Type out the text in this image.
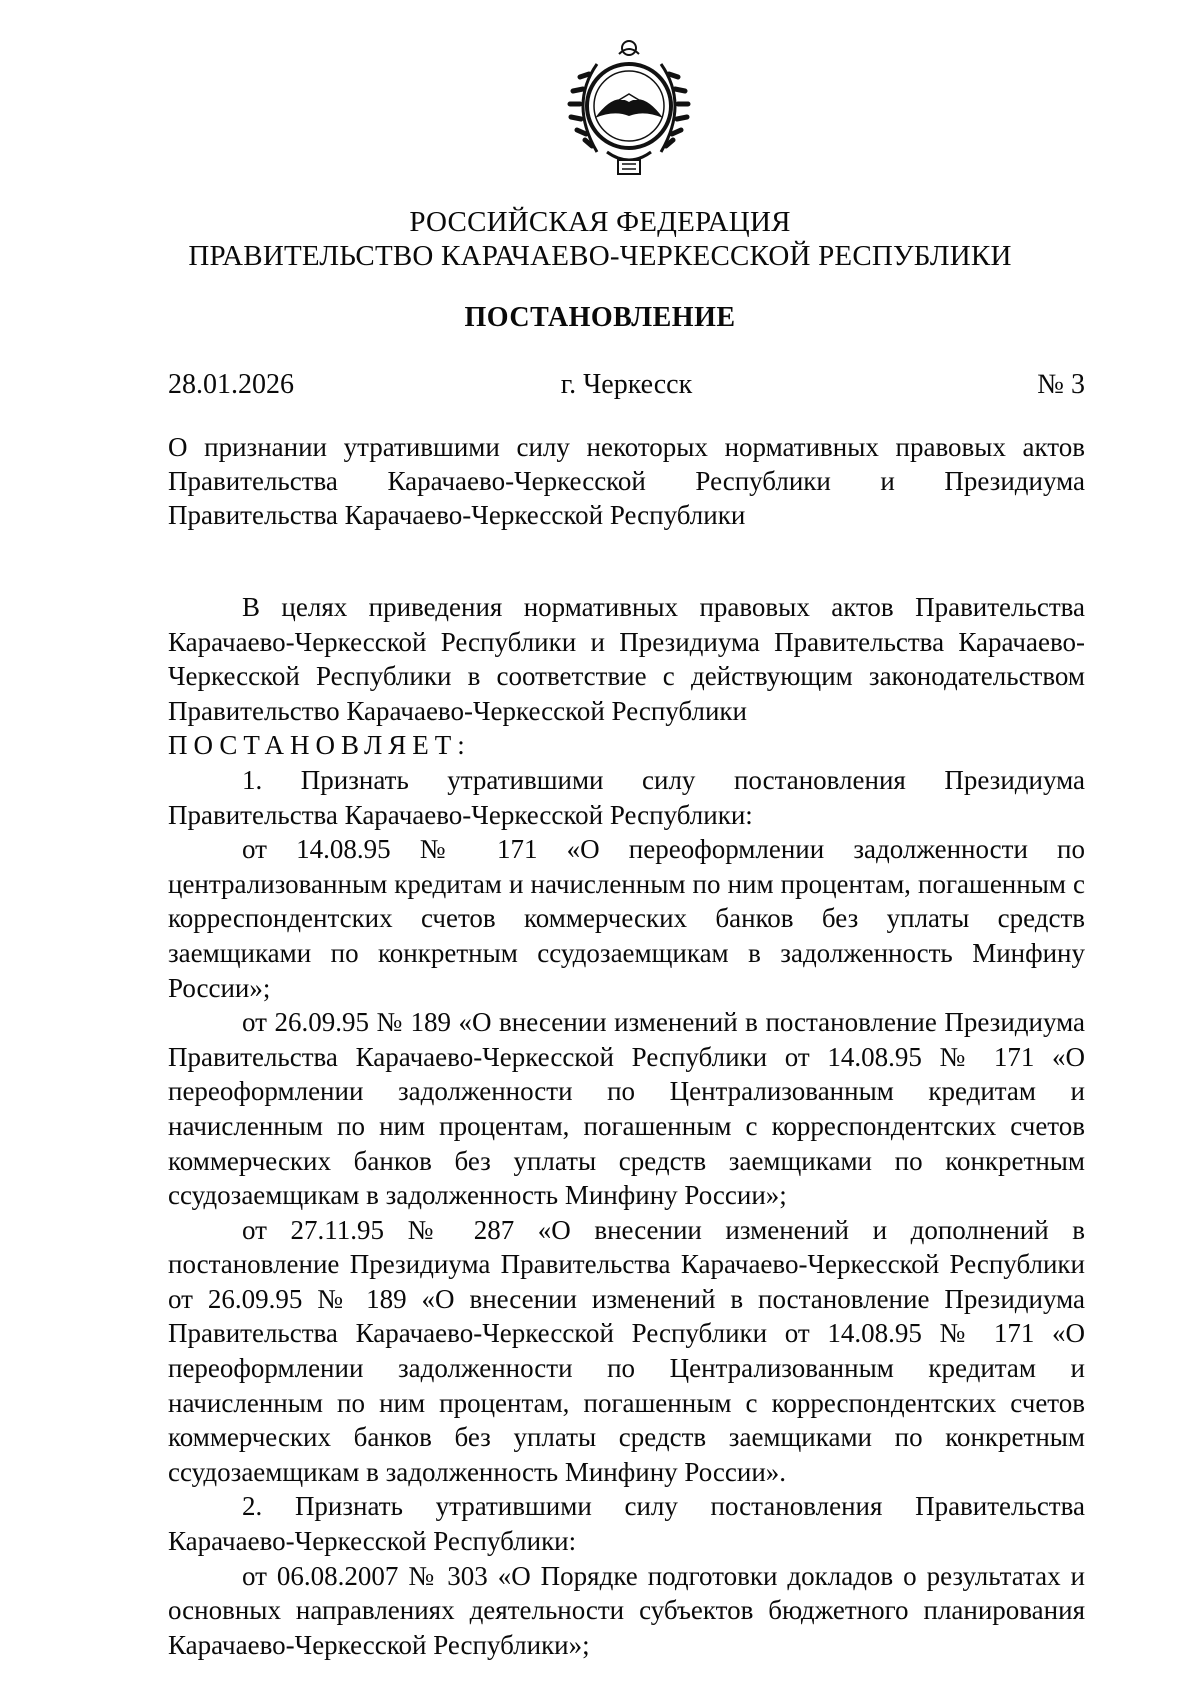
РОССИЙСКАЯ ФЕДЕРАЦИЯ
ПРАВИТЕЛЬСТВО КАРАЧАЕВО-ЧЕРКЕССКОЙ РЕСПУБЛИКИ
ПОСТАНОВЛЕНИЕ
28.01.2026	г. Черкесск	№ 3
О признании утратившими силу некоторых нормативных правовых актов Правительства Карачаево-Черкесской Республики и Президиума Правительства Карачаево-Черкесской Республики

В целях приведения нормативных правовых актов Правительства Карачаево-Черкесской Республики и Президиума Правительства Карачаево-Черкесской Республики в соответствие с действующим законодательством Правительство Карачаево-Черкесской Республики

ПОСТАНОВЛЯЕТ:

1. Признать утратившими силу постановления Президиума Правительства Карачаево-Черкесской Республики:

от 14.08.95 № 171 «О переоформлении задолженности по централизованным кредитам и начисленным по ним процентам, погашенным с корреспондентских счетов коммерческих банков без уплаты средств заемщиками по конкретным ссудозаемщикам в задолженность Минфину России»;

от 26.09.95 № 189 «О внесении изменений в постановление Президиума Правительства Карачаево-Черкесской Республики от 14.08.95 № 171 «О переоформлении задолженности по Централизованным кредитам и начисленным по ним процентам, погашенным с корреспондентских счетов коммерческих банков без уплаты средств заемщиками по конкретным ссудозаемщикам в задолженность Минфину России»;

от 27.11.95 № 287 «О внесении изменений и дополнений в постановление Президиума Правительства Карачаево-Черкесской Республики от 26.09.95 № 189 «О внесении изменений в постановление Президиума Правительства Карачаево-Черкесской Республики от 14.08.95 № 171 «О переоформлении задолженности по Централизованным кредитам и начисленным по ним процентам, погашенным с корреспондентских счетов коммерческих банков без уплаты средств заемщиками по конкретным ссудозаемщикам в задолженность Минфину России».

2. Признать утратившими силу постановления Правительства Карачаево-Черкесской Республики:

от 06.08.2007 № 303 «О Порядке подготовки докладов о результатах и основных направлениях деятельности субъектов бюджетного планирования Карачаево-Черкесской Республики»;
